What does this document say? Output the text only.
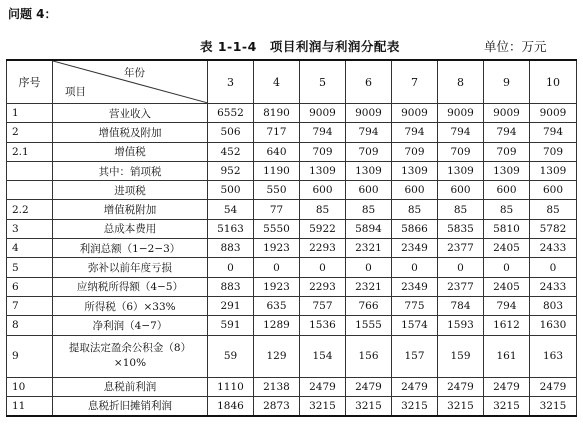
问题 4：
表 1-1-4　项目利润与利润分配表	单位：万元
序号	年份
项目	3	4	5	6	7	8	9	10
1	营业收入	6552	8190	9009	9009	9009	9009	9009	9009
2	增值税及附加	506	717	794	794	794	794	794	794
2.1	增值税	452	640	709	709	709	709	709	709
	其中：销项税	952	1190	1309	1309	1309	1309	1309	1309
	进项税	500	550	600	600	600	600	600	600
2.2	增值税附加	54	77	85	85	85	85	85	85
3	总成本费用	5163	5550	5922	5894	5866	5835	5810	5782
4	利润总额（1−2−3）	883	1923	2293	2321	2349	2377	2405	2433
5	弥补以前年度亏损	0	0	0	0	0	0	0	0
6	应纳税所得额（4−5）	883	1923	2293	2321	2349	2377	2405	2433
7	所得税（6）×33%	291	635	757	766	775	784	794	803
8	净利润（4−7）	591	1289	1536	1555	1574	1593	1612	1630
9	提取法定盈余公积金（8）×10%	59	129	154	156	157	159	161	163
10	息税前利润	1110	2138	2479	2479	2479	2479	2479	2479
11	息税折旧摊销利润	1846	2873	3215	3215	3215	3215	3215	3215
